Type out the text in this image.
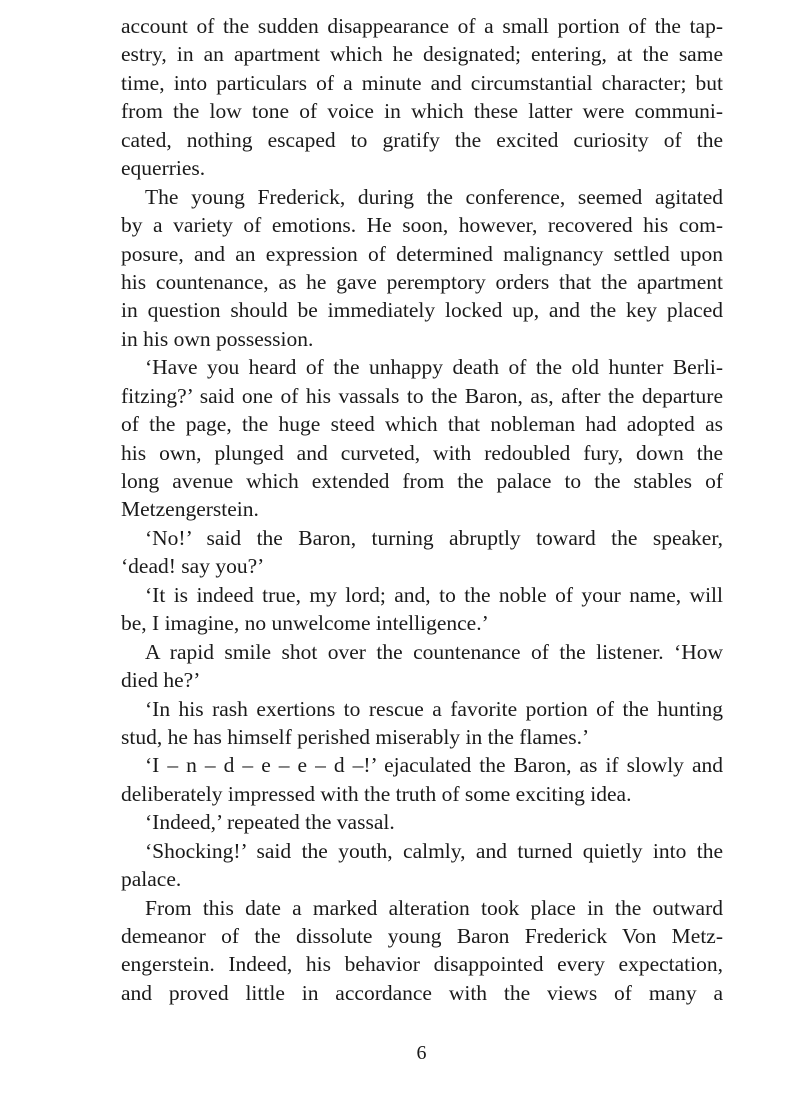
account of the sudden disappearance of a small portion of the tap-
estry, in an apartment which he designated; entering, at the same
time, into particulars of a minute and circumstantial character; but
from the low tone of voice in which these latter were communi-
cated, nothing escaped to gratify the excited curiosity of the
equerries.
The young Frederick, during the conference, seemed agitated
by a variety of emotions. He soon, however, recovered his com-
posure, and an expression of determined malignancy settled upon
his countenance, as he gave peremptory orders that the apartment
in question should be immediately locked up, and the key placed
in his own possession.
‘Have you heard of the unhappy death of the old hunter Berli-
fitzing?’ said one of his vassals to the Baron, as, after the departure
of the page, the huge steed which that nobleman had adopted as
his own, plunged and curveted, with redoubled fury, down the
long avenue which extended from the palace to the stables of
Metzengerstein.
‘No!’ said the Baron, turning abruptly toward the speaker,
‘dead! say you?’
‘It is indeed true, my lord; and, to the noble of your name, will
be, I imagine, no unwelcome intelligence.’
A rapid smile shot over the countenance of the listener. ‘How
died he?’
‘In his rash exertions to rescue a favorite portion of the hunting
stud, he has himself perished miserably in the flames.’
‘I – n – d – e – e – d –!’ ejaculated the Baron, as if slowly and
deliberately impressed with the truth of some exciting idea.
‘Indeed,’ repeated the vassal.
‘Shocking!’ said the youth, calmly, and turned quietly into the
palace.
From this date a marked alteration took place in the outward
demeanor of the dissolute young Baron Frederick Von Metz-
engerstein. Indeed, his behavior disappointed every expectation,
and proved little in accordance with the views of many a
6
